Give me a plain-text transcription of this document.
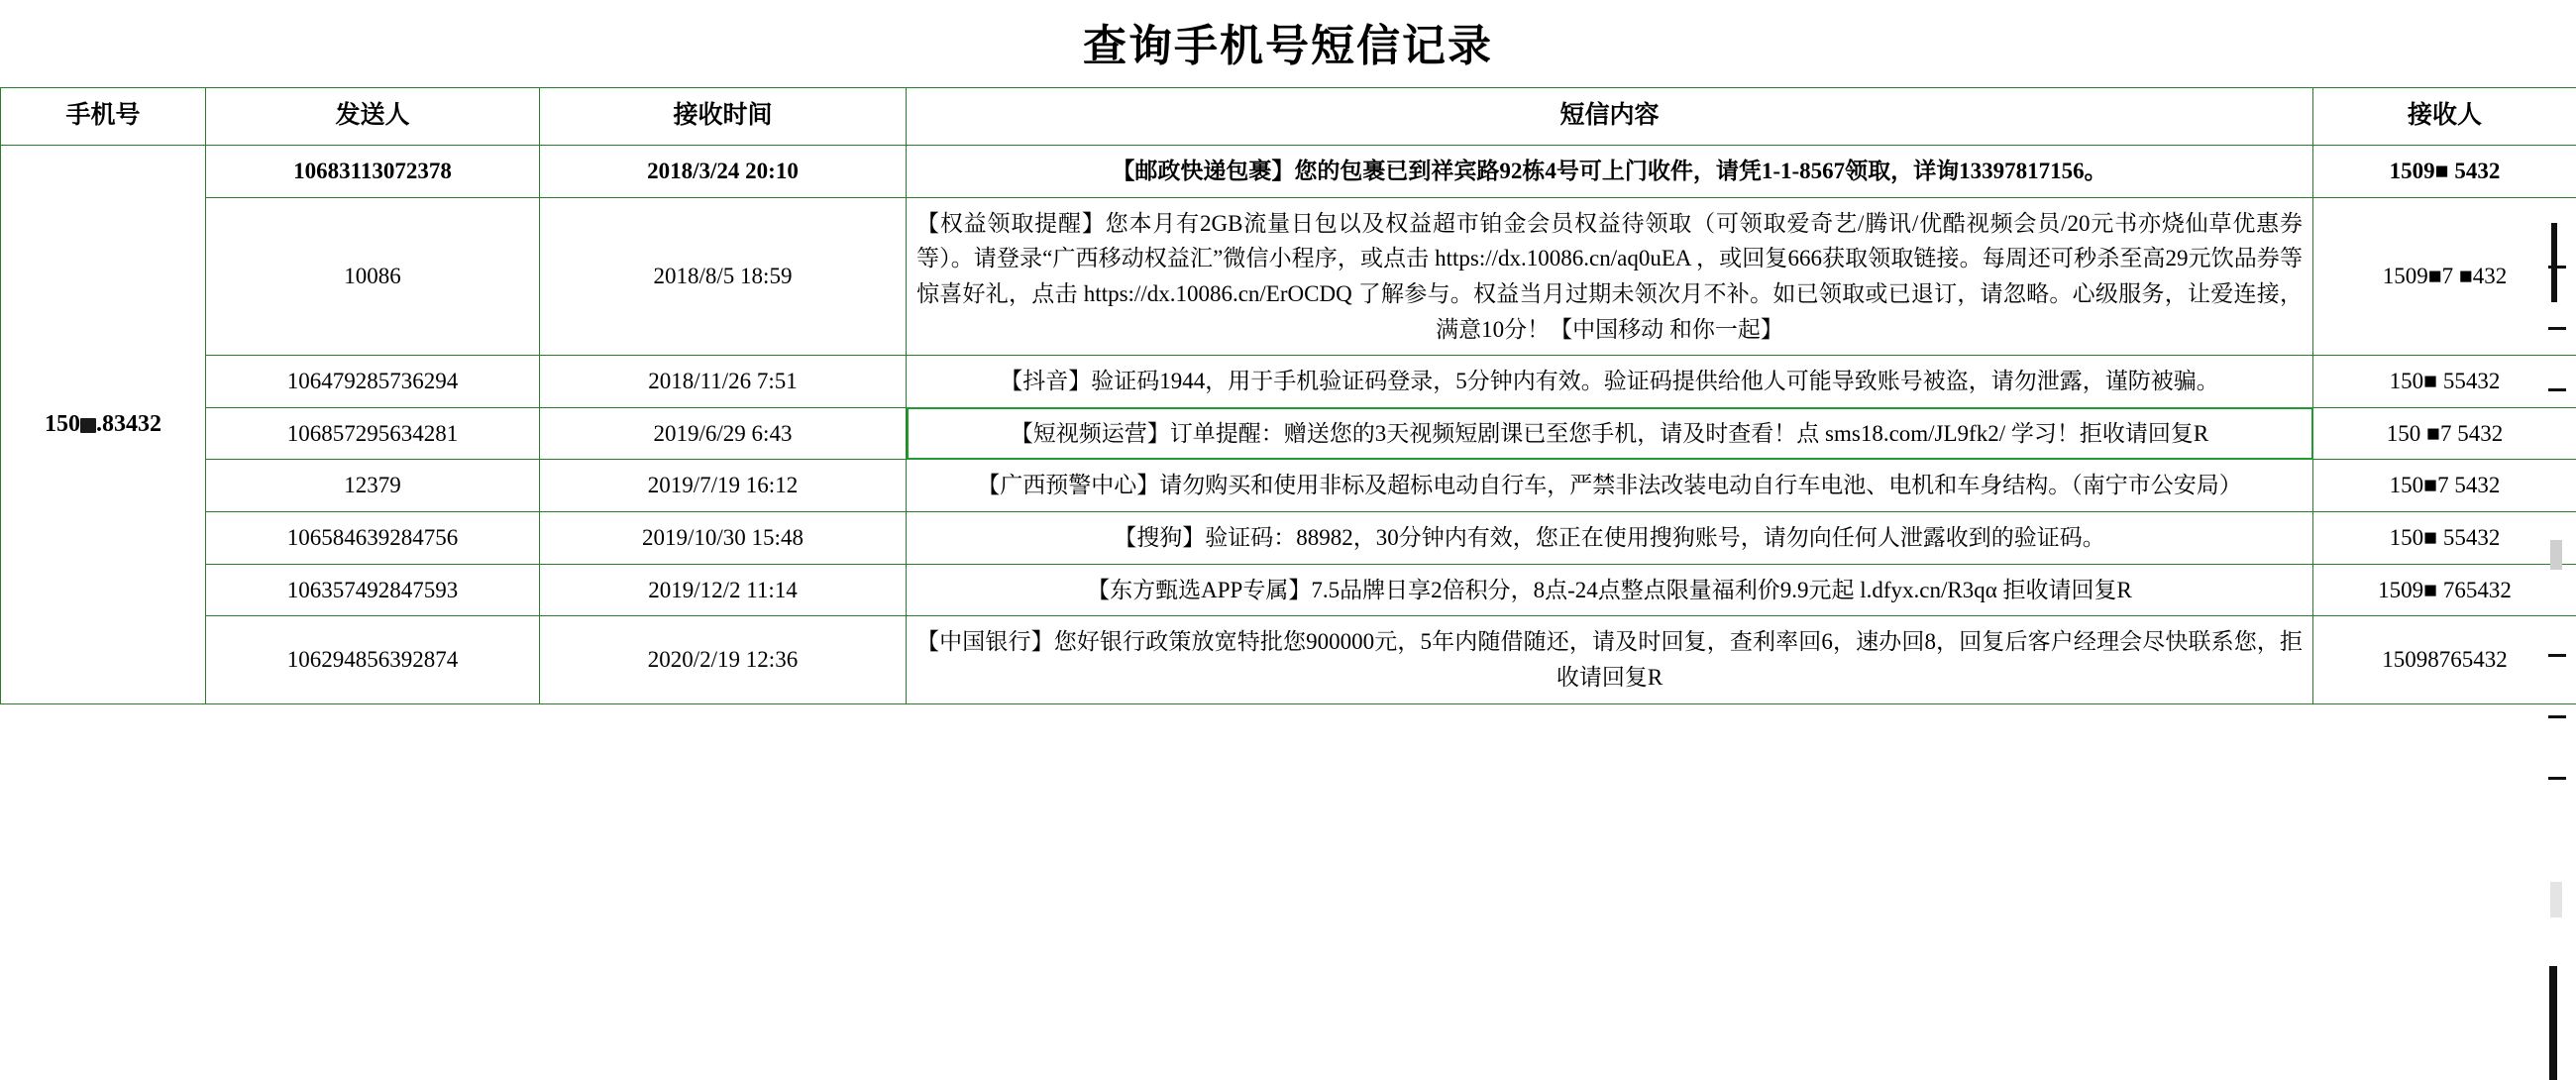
查询手机号短信记录
手机号	发送人	接收时间	短信内容	接收人
150 .83432	10683113072378	2018/3/24 20:10	【邮政快递包裹】您的包裹已到祥宾路92栋4号可上门收件，请凭1-1-8567领取，详询13397817156。	1509■ 5432
	10086	2018/8/5 18:59	【权益领取提醒】您本月有2GB流量日包以及权益超市铂金会员权益待领取（可领取爱奇艺/腾讯/优酷视频会员/20元书亦烧仙草优惠券等）。请登录“广西移动权益汇”微信小程序，或点击 https://dx.10086.cn/aq0uEA ，或回复666获取领取链接。每周还可秒杀至高29元饮品券等惊喜好礼，点击 https://dx.10086.cn/ErOCDQ 了解参与。权益当月过期未领次月不补。如已领取或已退订，请忽略。心级服务，让爱连接，满意10分！【中国移动 和你一起】	1509■7 ■432
	106479285736294	2018/11/26 7:51	【抖音】验证码1944，用于手机验证码登录，5分钟内有效。验证码提供给他人可能导致账号被盗，请勿泄露，谨防被骗。	150■ 55432
	106857295634281	2019/6/29 6:43	【短视频运营】订单提醒：赠送您的3天视频短剧课已至您手机，请及时查看！点 sms18.com/JL9fk2/ 学习！拒收请回复R	150 ■7 5432
	12379	2019/7/19 16:12	【广西预警中心】请勿购买和使用非标及超标电动自行车，严禁非法改装电动自行车电池、电机和车身结构。（南宁市公安局）	150■7 5432
	106584639284756	2019/10/30 15:48	【搜狗】验证码：88982，30分钟内有效，您正在使用搜狗账号，请勿向任何人泄露收到的验证码。	150■ 55432
	106357492847593	2019/12/2 11:14	【东方甄选APP专属】7.5品牌日享2倍积分，8点-24点整点限量福利价9.9元起 l.dfyx.cn/R3qα 拒收请回复R	1509■ 765432
	106294856392874	2020/2/19 12:36	【中国银行】您好银行政策放宽特批您900000元，5年内随借随还，请及时回复，查利率回6，速办回8，回复后客户经理会尽快联系您，拒收请回复R	15098765432
